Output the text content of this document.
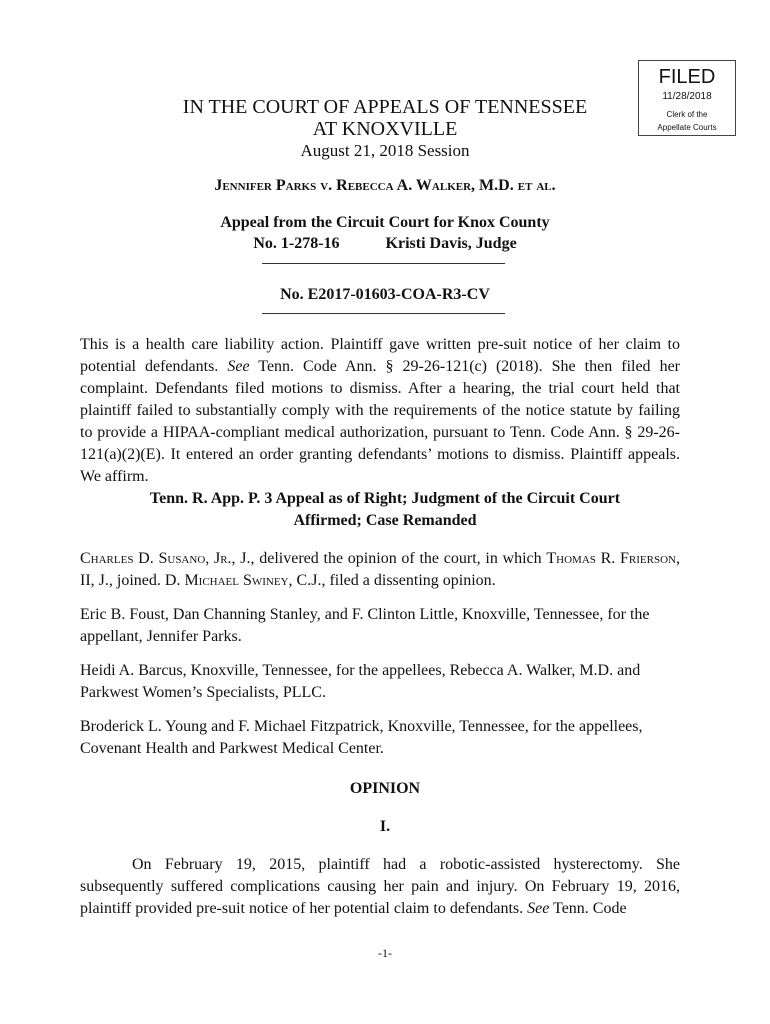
FILED
11/28/2018
Clerk of the
Appellate Courts
IN THE COURT OF APPEALS OF TENNESSEE
AT KNOXVILLE
August 21, 2018 Session
Jennifer Parks v. Rebecca A. Walker, M.D. et al.
Appeal from the Circuit Court for Knox County
No. 1-278-16	Kristi Davis, Judge
No. E2017-01603-COA-R3-CV
This is a health care liability action. Plaintiff gave written pre-suit notice of her claim to potential defendants. See Tenn. Code Ann. § 29-26-121(c) (2018). She then filed her complaint. Defendants filed motions to dismiss. After a hearing, the trial court held that plaintiff failed to substantially comply with the requirements of the notice statute by failing to provide a HIPAA-compliant medical authorization, pursuant to Tenn. Code Ann. § 29-26-121(a)(2)(E). It entered an order granting defendants’ motions to dismiss. Plaintiff appeals. We affirm.
Tenn. R. App. P. 3 Appeal as of Right; Judgment of the Circuit Court
Affirmed; Case Remanded
Charles D. Susano, Jr., J., delivered the opinion of the court, in which Thomas R. Frierson, II, J., joined. D. Michael Swiney, C.J., filed a dissenting opinion.
Eric B. Foust, Dan Channing Stanley, and F. Clinton Little, Knoxville, Tennessee, for the appellant, Jennifer Parks.
Heidi A. Barcus, Knoxville, Tennessee, for the appellees, Rebecca A. Walker, M.D. and Parkwest Women’s Specialists, PLLC.
Broderick L. Young and F. Michael Fitzpatrick, Knoxville, Tennessee, for the appellees, Covenant Health and Parkwest Medical Center.
OPINION
I.
On February 19, 2015, plaintiff had a robotic-assisted hysterectomy. She subsequently suffered complications causing her pain and injury. On February 19, 2016, plaintiff provided pre-suit notice of her potential claim to defendants. See Tenn. Code
-1-
